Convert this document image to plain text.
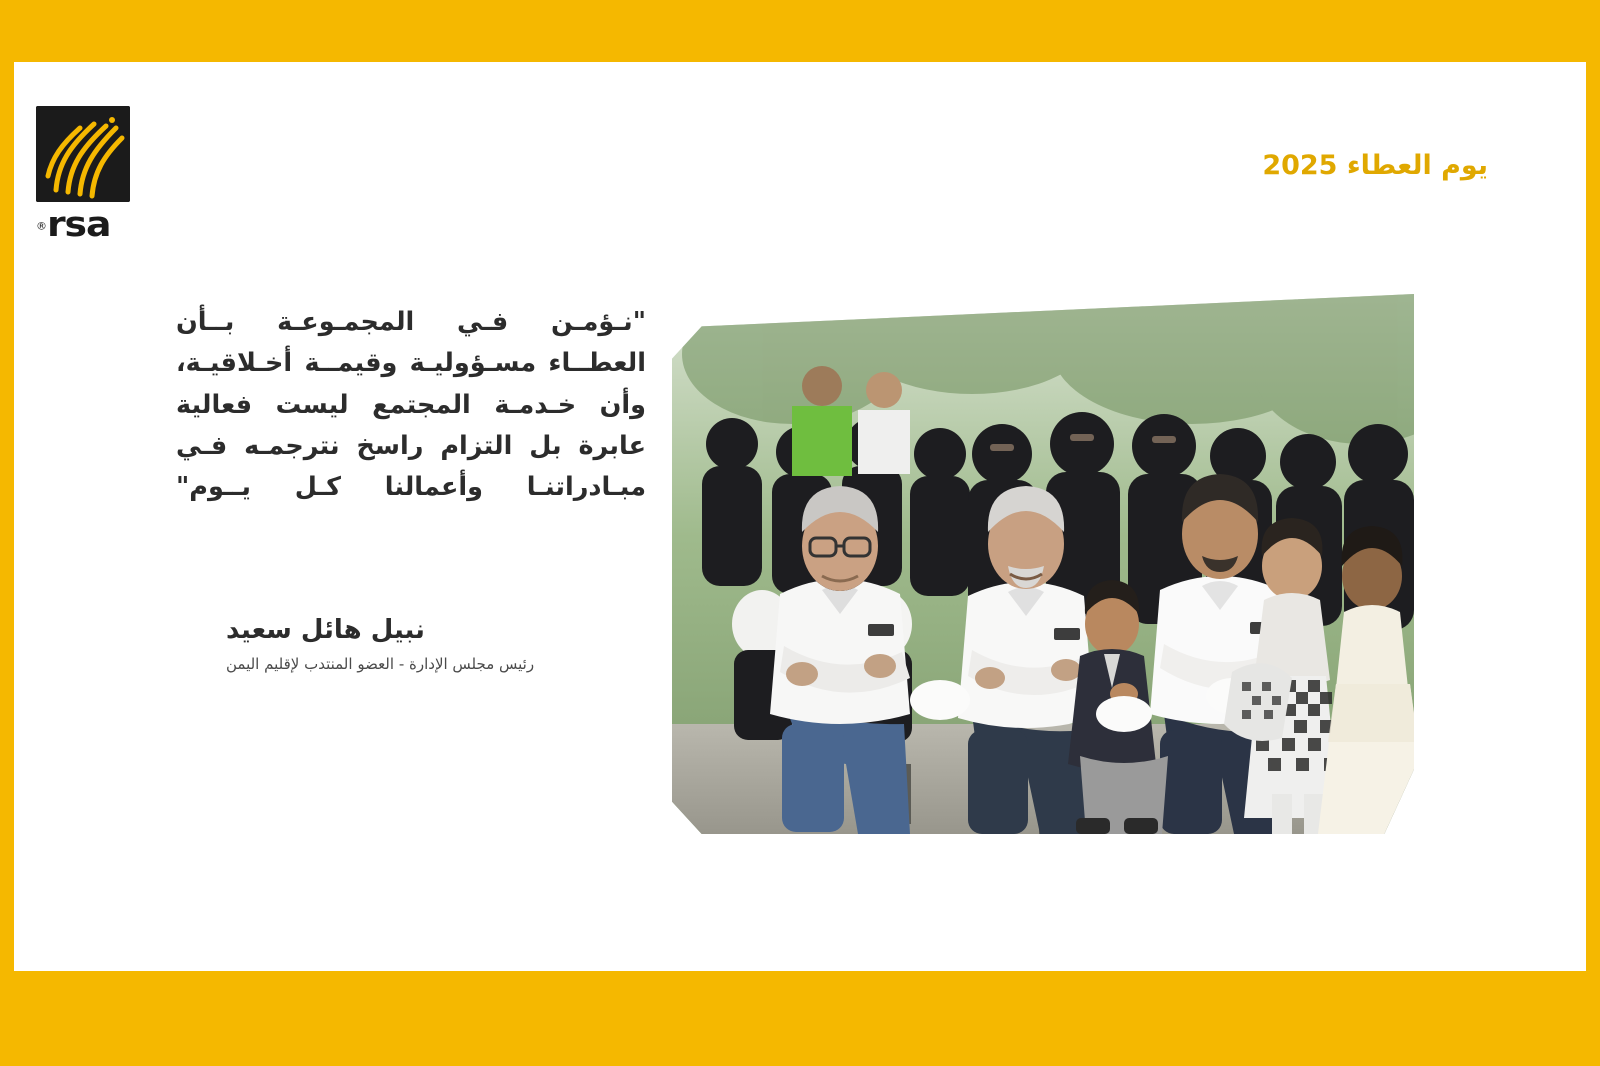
rsa®
يوم العطاء 2025
"نـؤمـن فـي المجمـوعـة بــأن العطــاء مسـؤوليـة وقيمــة أخـلاقيـة، وأن خـدمـة المجتمع ليست فعالية عابرة بل التزام راسخ نترجمـه فـي مبـادراتنـا وأعمالنا كـل يــوم"
نبيل هائل سعيد
رئيس مجلس الإدارة - العضو المنتدب لإقليم اليمن
